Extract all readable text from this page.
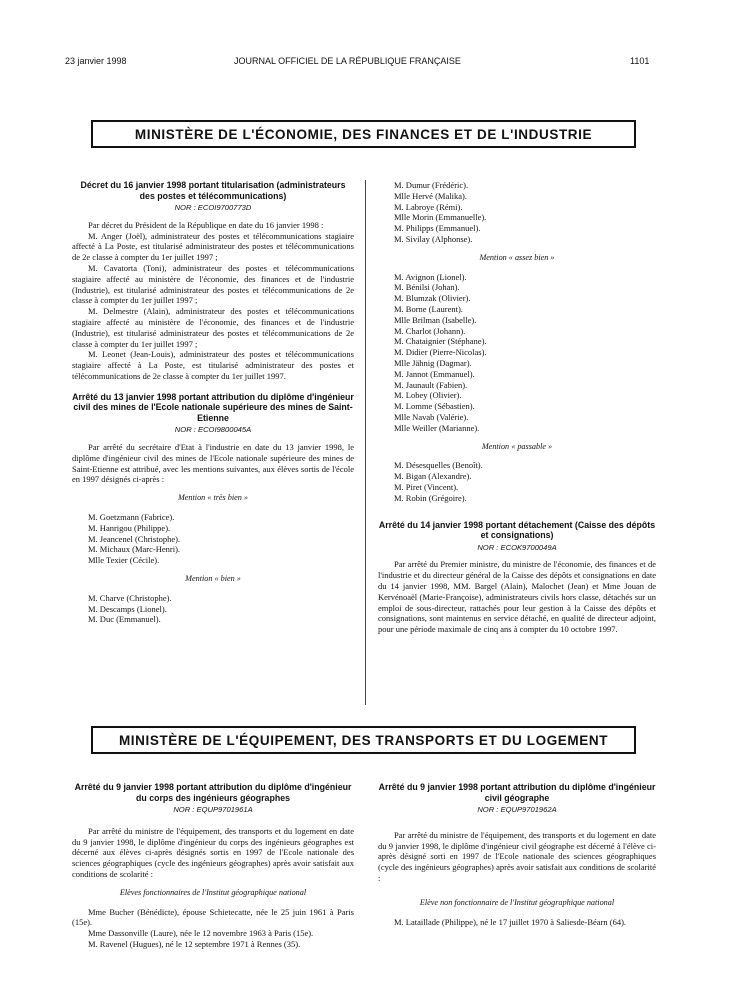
23 janvier 1998	JOURNAL OFFICIEL DE LA RÉPUBLIQUE FRANÇAISE	1101
MINISTÈRE DE L'ÉCONOMIE, DES FINANCES ET DE L'INDUSTRIE
Décret du 16 janvier 1998 portant titularisation (administrateurs des postes et télécommunications)
NOR : ECOI9700773D
Par décret du Président de la République en date du 16 janvier 1998 :
M. Anger (Joël), administrateur des postes et télécommunications stagiaire affecté à La Poste, est titularisé administrateur des postes et télécommunications de 2e classe à compter du 1er juillet 1997 ;
M. Cavatorta (Toni), administrateur des postes et télécommunications stagiaire affecté au ministère de l'économie, des finances et de l'industrie (Industrie), est titularisé administrateur des postes et télécommunications de 2e classe à compter du 1er juillet 1997 ;
M. Delmestre (Alain), administrateur des postes et télécommunications stagiaire affecté au ministère de l'économie, des finances et de l'industrie (Industrie), est titularisé administrateur des postes et télécommunications de 2e classe à compter du 1er juillet 1997 ;
M. Leonet (Jean-Louis), administrateur des postes et télécommunications stagiaire affecté à La Poste, est titularisé administrateur des postes et télécommunications de 2e classe à compter du 1er juillet 1997.
Arrêté du 13 janvier 1998 portant attribution du diplôme d'ingénieur civil des mines de l'Ecole nationale supérieure des mines de Saint-Etienne
NOR : ECOI9800045A
Par arrêté du secrétaire d'Etat à l'industrie en date du 13 janvier 1998, le diplôme d'ingénieur civil des mines de l'Ecole nationale supérieure des mines de Saint-Etienne est attribué, avec les mentions suivantes, aux élèves sortis de l'école en 1997 désignés ci-après :
Mention « très bien »
M. Goetzmann (Fabrice).
M. Hanrigou (Philippe).
M. Jeancenel (Christophe).
M. Michaux (Marc-Henri).
Mlle Texier (Cécile).
Mention « bien »
M. Charve (Christophe).
M. Descamps (Lionel).
M. Duc (Emmanuel).
M. Dumur (Frédéric).
Mlle Hervé (Malika).
M. Labroye (Rémi).
Mlle Morin (Emmanuelle).
M. Philipps (Emmanuel).
M. Sivilay (Alphonse).
Mention « assez bien »
M. Avignon (Lionel).
M. Bénilsi (Johan).
M. Blumzak (Olivier).
M. Borne (Laurent).
Mlle Brilman (Isabelle).
M. Charlot (Johann).
M. Chataignier (Stéphane).
M. Didier (Pierre-Nicolas).
Mlle Jähnig (Dagmar).
M. Jannot (Emmanuel).
M. Jaunault (Fabien).
M. Lobey (Olivier).
M. Lomme (Sébastien).
Mlle Navab (Valérie).
Mlle Weiller (Marianne).
Mention « passable »
M. Désesquelles (Benoît).
M. Bigan (Alexandre).
M. Piret (Vincent).
M. Robin (Grégoire).
Arrêté du 14 janvier 1998 portant détachement (Caisse des dépôts et consignations)
NOR : ECOK9700049A
Par arrêté du Premier ministre, du ministre de l'économie, des finances et de l'industrie et du directeur général de la Caisse des dépôts et consignations en date du 14 janvier 1998, MM. Bargel (Alain), Malochet (Jean) et Mme Jouan de Kervénoaël (Marie-Françoise), administrateurs civils hors classe, détachés sur un emploi de sous-directeur, rattachés pour leur gestion à la Caisse des dépôts et consignations, sont maintenus en service détaché, en qualité de directeur adjoint, pour une période maximale de cinq ans à compter du 10 octobre 1997.
MINISTÈRE DE L'ÉQUIPEMENT, DES TRANSPORTS ET DU LOGEMENT
Arrêté du 9 janvier 1998 portant attribution du diplôme d'ingénieur du corps des ingénieurs géographes
NOR : EQUP9701961A
Par arrêté du ministre de l'équipement, des transports et du logement en date du 9 janvier 1998, le diplôme d'ingénieur du corps des ingénieurs géographes est décerné aux élèves ci-après désignés sortis en 1997 de l'Ecole nationale des sciences géographiques (cycle des ingénieurs géographes) après avoir satisfait aux conditions de scolarité :
Elèves fonctionnaires de l'Institut géographique national
Mme Bucher (Bénédicte), épouse Schietecatte, née le 25 juin 1961 à Paris (15e).
Mme Dassonville (Laure), née le 12 novembre 1963 à Paris (15e).
M. Ravenel (Hugues), né le 12 septembre 1971 à Rennes (35).
Arrêté du 9 janvier 1998 portant attribution du diplôme d'ingénieur civil géographe
NOR : EQUP9701962A
Par arrêté du ministre de l'équipement, des transports et du logement en date du 9 janvier 1998, le diplôme d'ingénieur civil géographe est décerné à l'élève ci-après désigné sorti en 1997 de l'Ecole nationale des sciences géographiques (cycle des ingénieurs géographes) après avoir satisfait aux conditions de scolarité :
Elève non fonctionnaire de l'Institut géographique national
M. Lataillade (Philippe), né le 17 juillet 1970 à Saliesde-Béarn (64).
